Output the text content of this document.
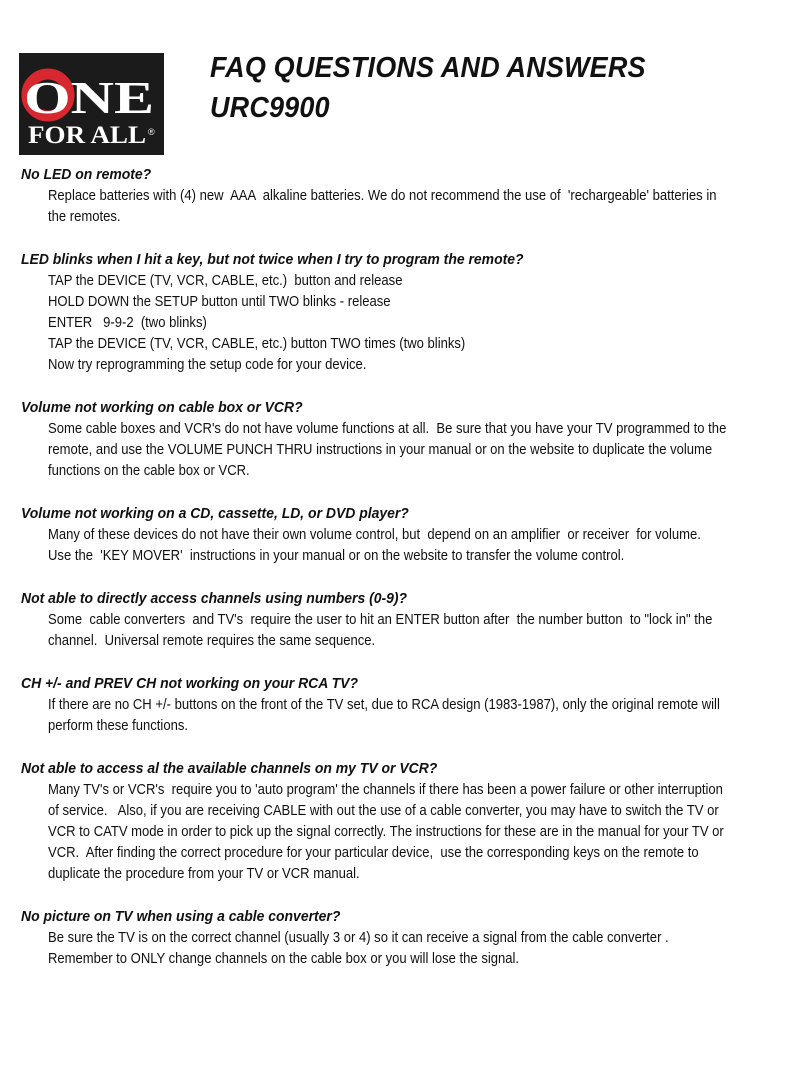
ONE
FOR ALL ®
FAQ QUESTIONS AND ANSWERS
URC9900
No LED on remote?
Replace batteries with (4) new  AAA  alkaline batteries. We do not recommend the use of  'rechargeable' batteries in
the remotes.
LED blinks when I hit a key, but not twice when I try to program the remote?
TAP the DEVICE (TV, VCR, CABLE, etc.)  button and release
HOLD DOWN the SETUP button until TWO blinks - release
ENTER   9-9-2  (two blinks)
TAP the DEVICE (TV, VCR, CABLE, etc.) button TWO times (two blinks)
Now try reprogramming the setup code for your device.
Volume not working on cable box or VCR?
Some cable boxes and VCR's do not have volume functions at all.  Be sure that you have your TV programmed to the
remote, and use the VOLUME PUNCH THRU instructions in your manual or on the website to duplicate the volume
functions on the cable box or VCR.
Volume not working on a CD, cassette, LD, or DVD player?
Many of these devices do not have their own volume control, but  depend on an amplifier  or receiver  for volume.
Use the  'KEY MOVER'  instructions in your manual or on the website to transfer the volume control.
Not able to directly access channels using numbers (0-9)?
Some  cable converters  and TV's  require the user to hit an ENTER button after  the number button  to "lock in" the
channel.  Universal remote requires the same sequence.
CH +/- and PREV CH not working on your RCA TV?
If there are no CH +/- buttons on the front of the TV set, due to RCA design (1983-1987), only the original remote will
perform these functions.
Not able to access al the available channels on my TV or VCR?
Many TV's or VCR's  require you to 'auto program' the channels if there has been a power failure or other interruption
of service.   Also, if you are receiving CABLE with out the use of a cable converter, you may have to switch the TV or
VCR to CATV mode in order to pick up the signal correctly. The instructions for these are in the manual for your TV or
VCR.  After finding the correct procedure for your particular device,  use the corresponding keys on the remote to
duplicate the procedure from your TV or VCR manual.
No picture on TV when using a cable converter?
Be sure the TV is on the correct channel (usually 3 or 4) so it can receive a signal from the cable converter .
Remember to ONLY change channels on the cable box or you will lose the signal.
